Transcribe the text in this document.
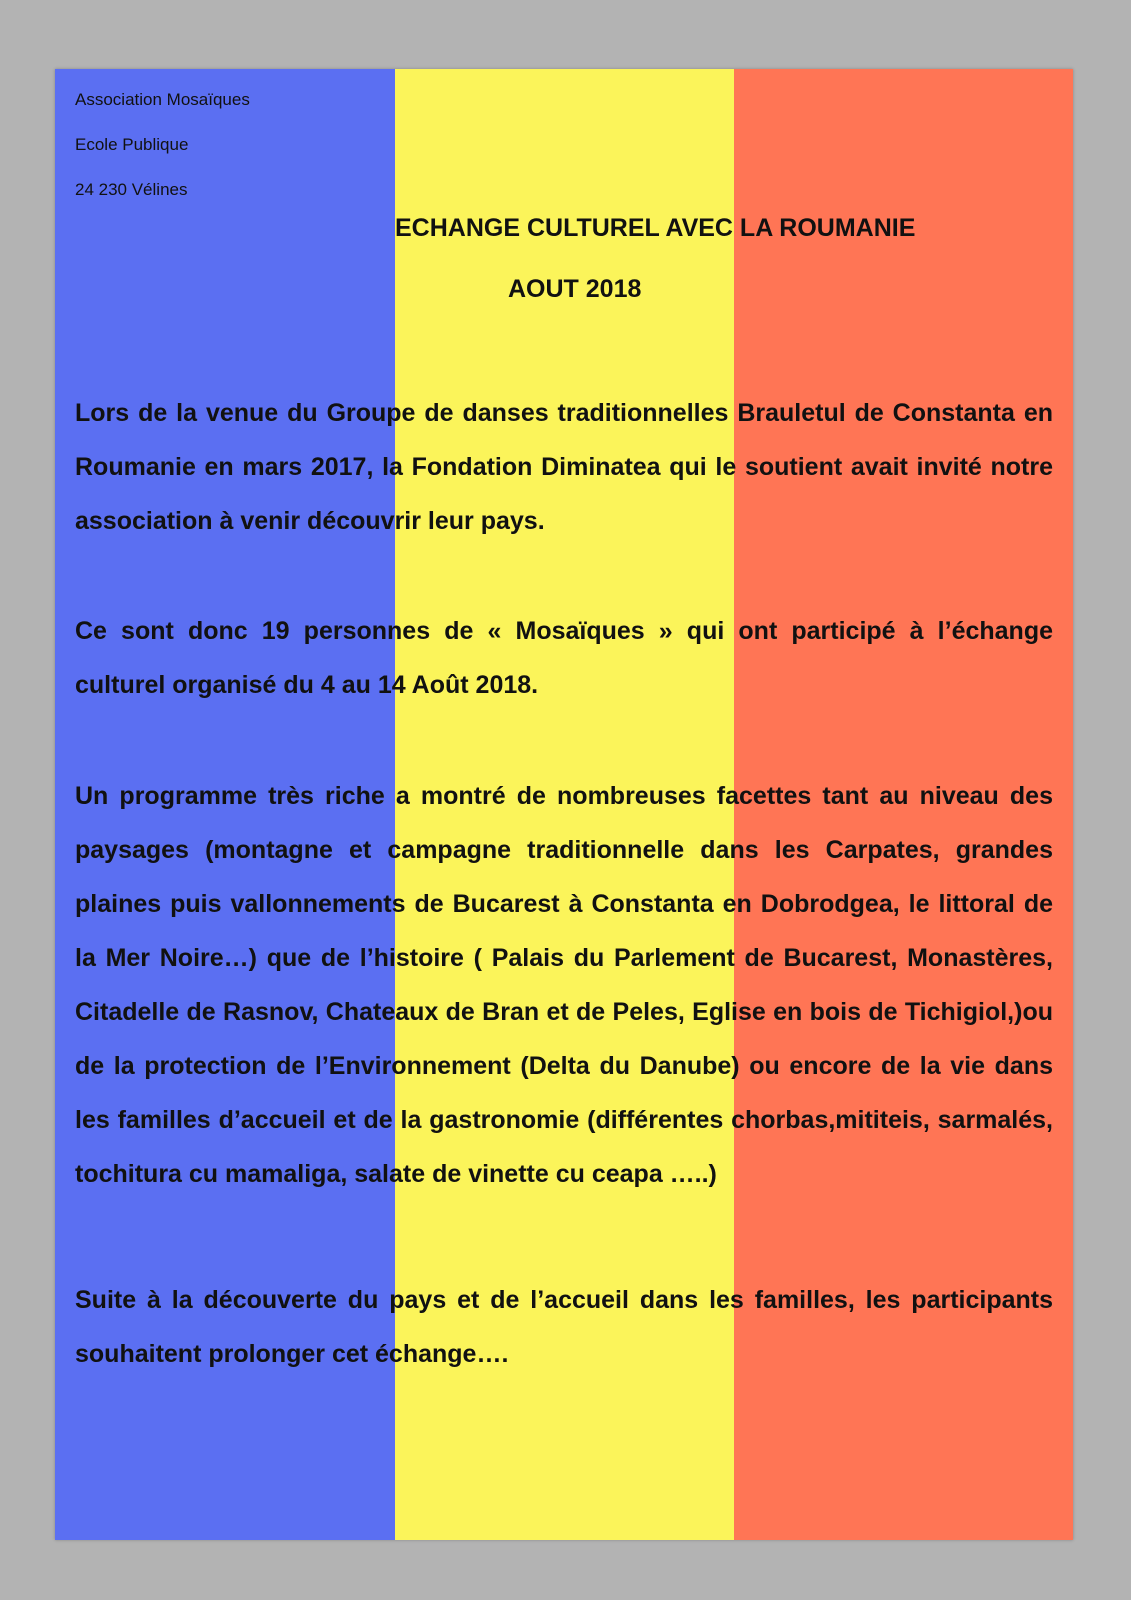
Association Mosaïques
Ecole Publique
24 230 Vélines
ECHANGE CULTUREL AVEC LA ROUMANIE
AOUT 2018

Lors de la venue du Groupe de danses traditionnelles Brauletul de Constanta en Roumanie en mars 2017, la Fondation Diminatea qui le soutient avait invité notre association à venir découvrir leur pays.

Ce sont donc 19 personnes de « Mosaïques » qui ont participé à l’échange culturel organisé du 4 au 14 Août 2018.

Un programme très riche a montré de nombreuses facettes tant au niveau des paysages (montagne et campagne traditionnelle dans les Carpates, grandes plaines puis vallonnements de Bucarest à Constanta en Dobrodgea, le littoral de la Mer Noire…) que de l’histoire ( Palais du Parlement de Bucarest, Monastères, Citadelle de Rasnov, Chateaux de Bran et de Peles, Eglise en bois de Tichigiol,)ou de la protection de l’Environnement (Delta du Danube) ou encore de la vie dans les familles d’accueil et de la gastronomie (différentes chorbas,mititeis, sarmalés, tochitura cu mamaliga, salate de vinette cu ceapa …..)

Suite à la découverte du pays et de l’accueil dans les familles, les participants souhaitent prolonger cet échange….
